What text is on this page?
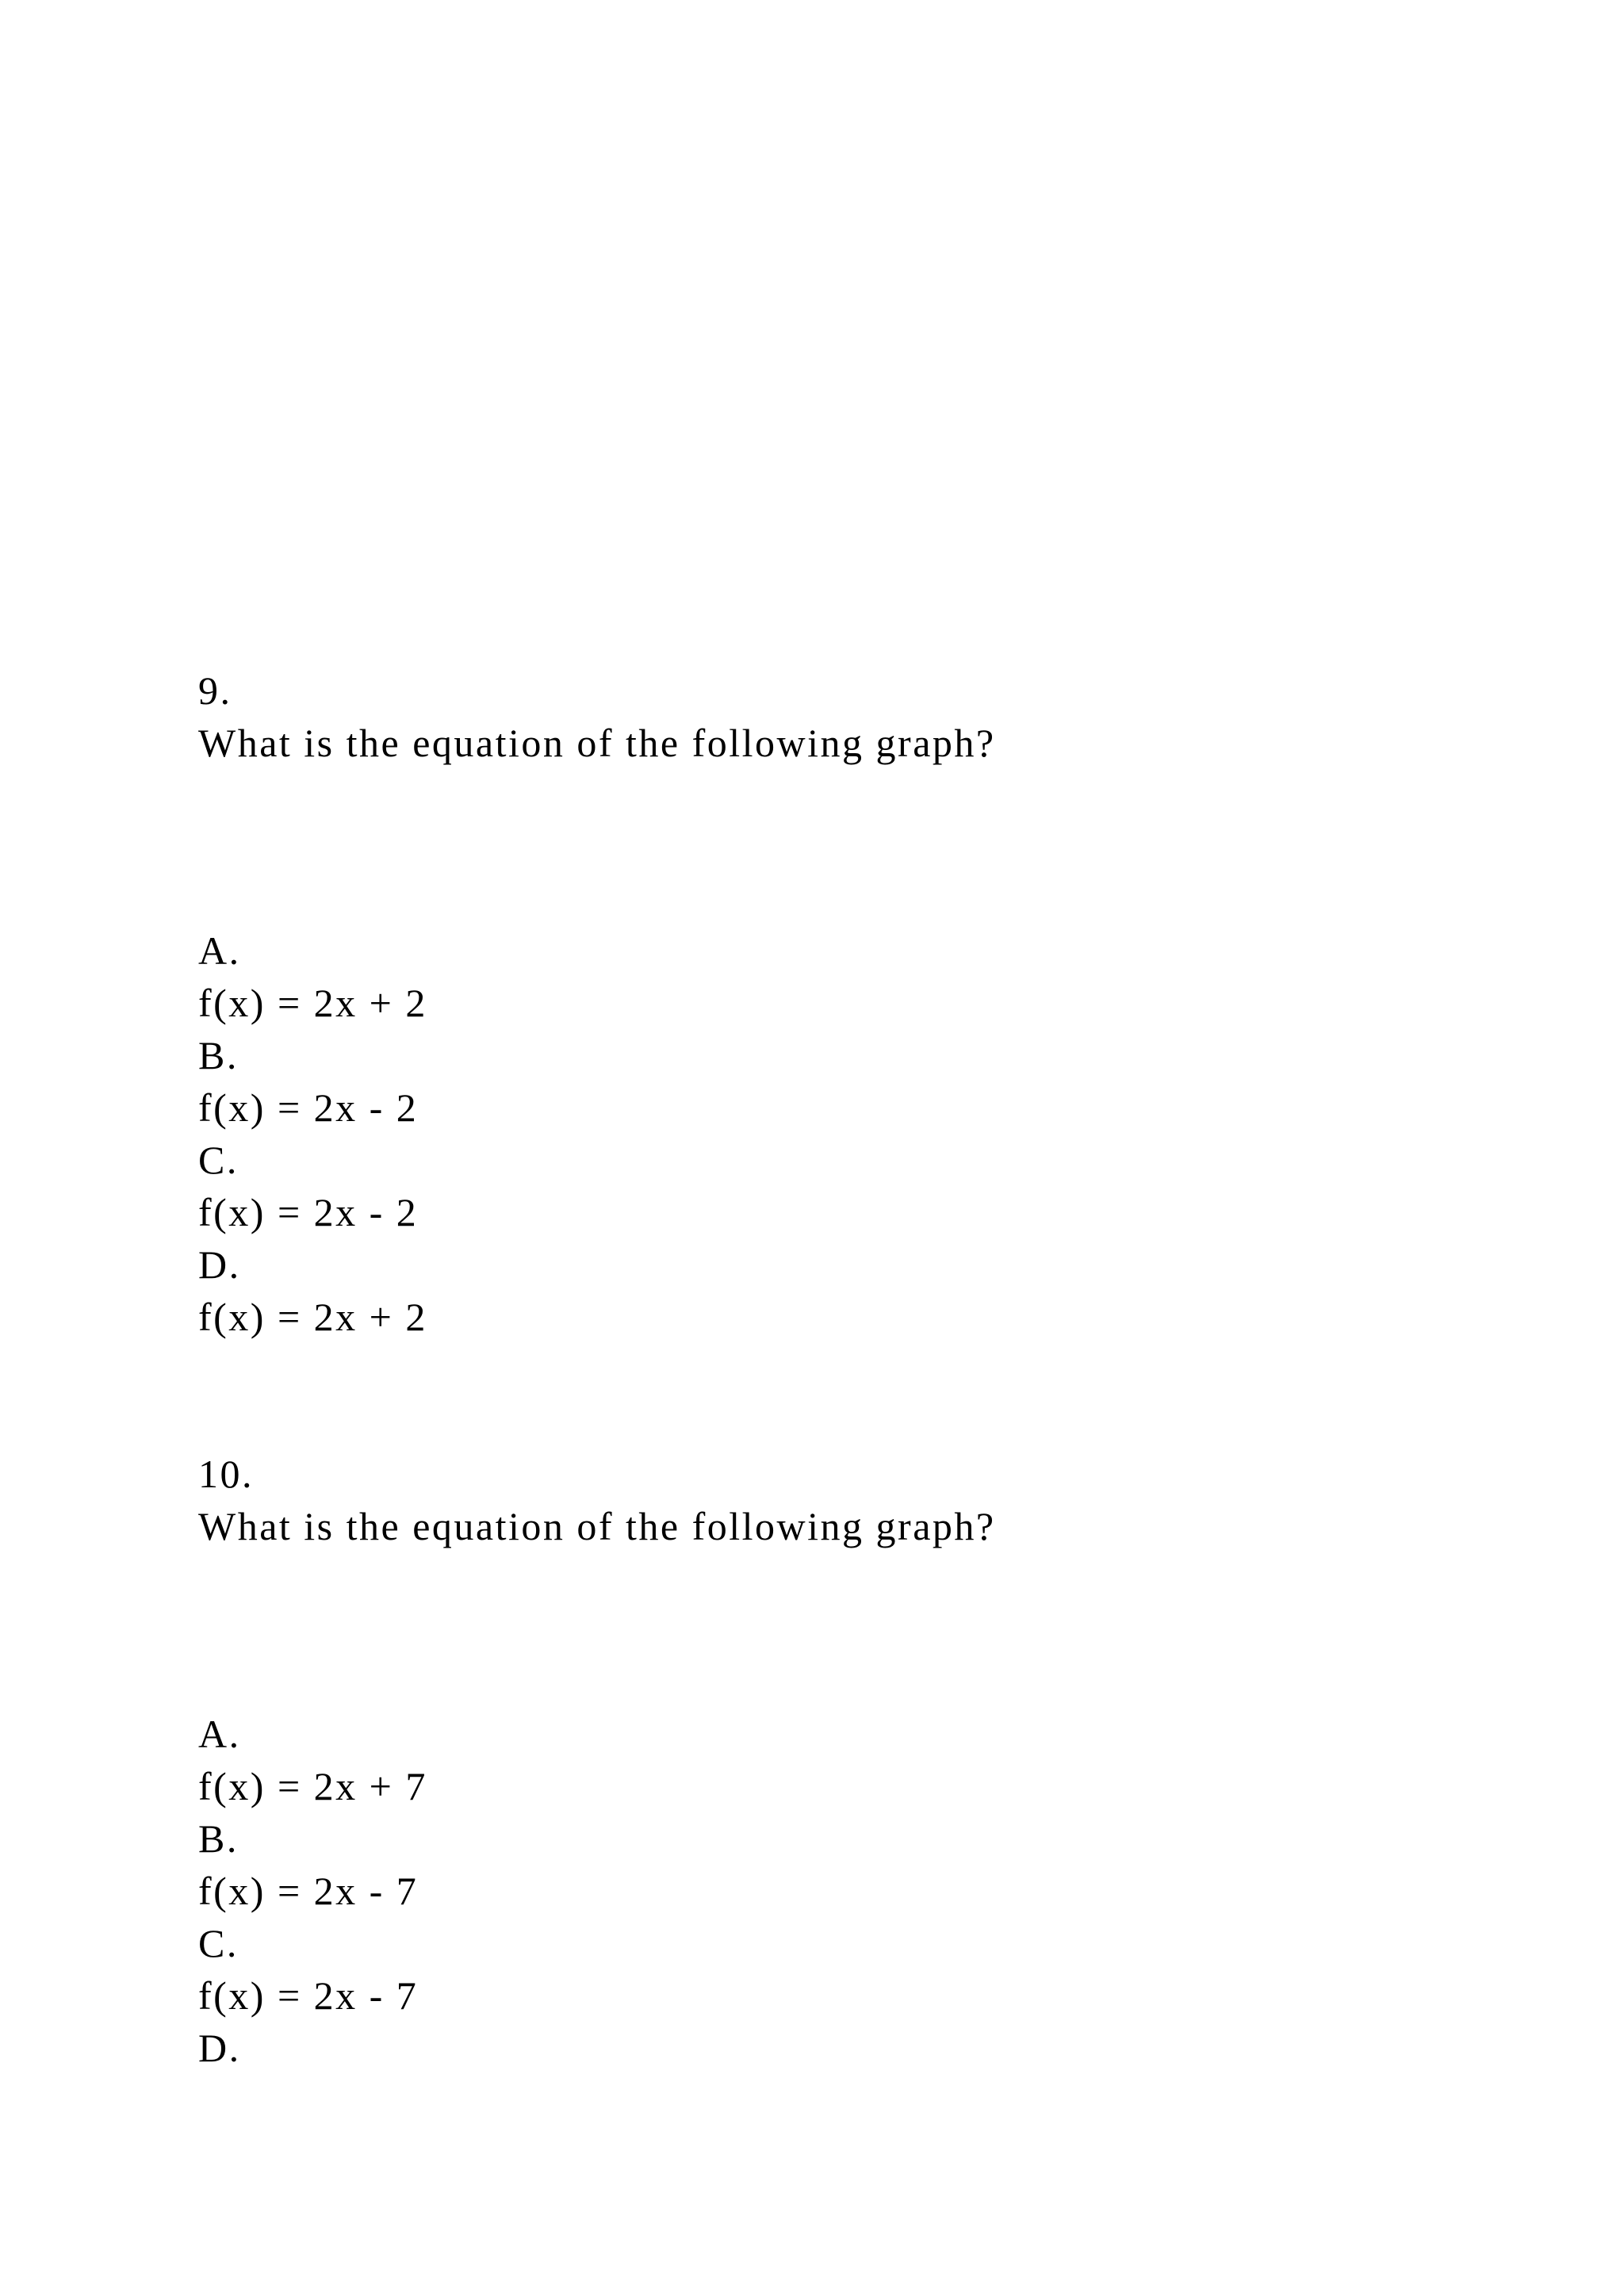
9.
What is the equation of the following graph?
A.
f(x) = 2x + 2
B.
f(x) = 2x - 2
C.
f(x) = 2x - 2
D.
f(x) = 2x + 2
10.
What is the equation of the following graph?
A.
f(x) = 2x + 7
B.
f(x) = 2x - 7
C.
f(x) = 2x - 7
D.
